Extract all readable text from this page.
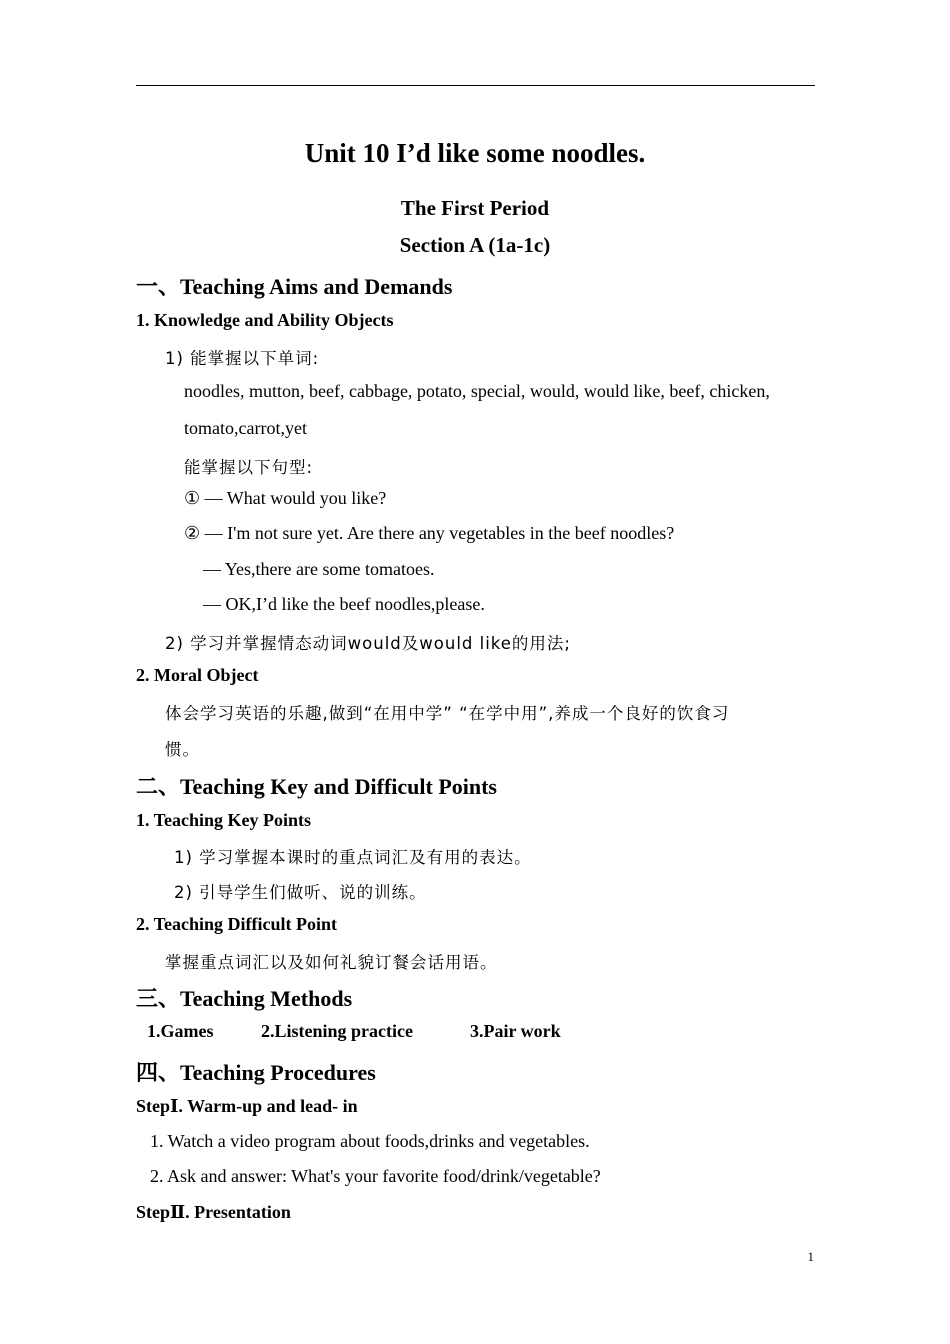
Unit 10 I’d like some noodles.
The First Period
Section A (1a-1c)
一、Teaching Aims and Demands
1. Knowledge and Ability Objects
1) 能掌握以下单词:
noodles, mutton, beef, cabbage, potato, special, would, would like, beef, chicken,
tomato,carrot,yet
能掌握以下句型:
① — What would you like?
② — I'm not sure yet. Are there any vegetables in the beef noodles?
— Yes,there are some tomatoes.
— OK,I’d like the beef noodles,please.
2) 学习并掌握情态动词would及would like的用法;
2. Moral Object
体会学习英语的乐趣,做到“在用中学” “在学中用”,养成一个良好的饮食习
惯。
二、Teaching Key and Difficult Points
1. Teaching Key Points
1) 学习掌握本课时的重点词汇及有用的表达。
2) 引导学生们做听、说的训练。
2. Teaching Difficult Point
掌握重点词汇以及如何礼貌订餐会话用语。
三、Teaching Methods
1.Games	2.Listening practice	3.Pair work
四、Teaching Procedures
StepⅠ. Warm-up and lead- in
1. Watch a video program about foods,drinks and vegetables.
2. Ask and answer: What's your favorite food/drink/vegetable?
StepⅡ. Presentation
1
